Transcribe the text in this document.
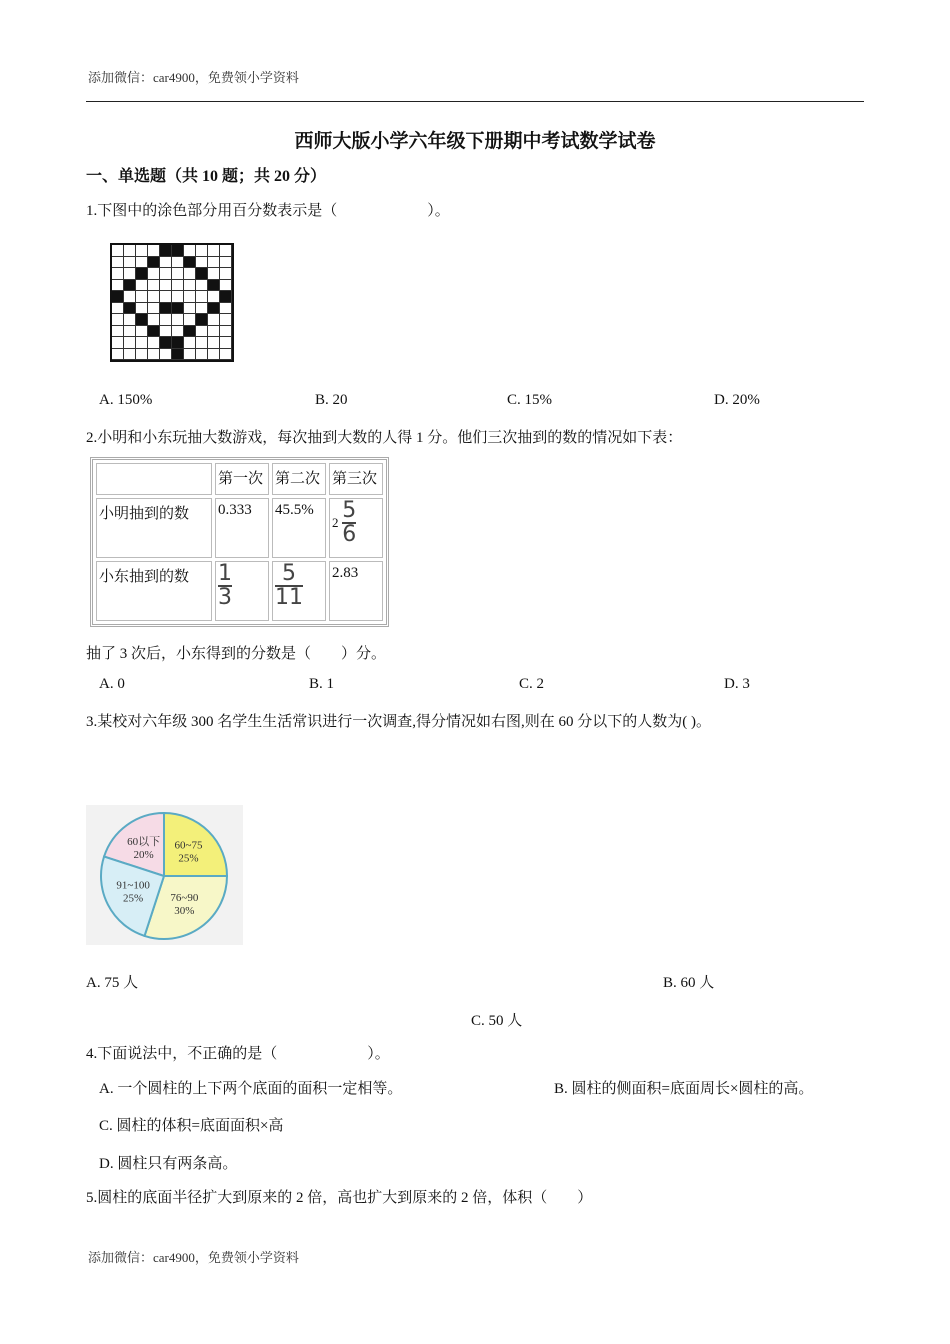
添加微信：car4900，免费领小学资料
西师大版小学六年级下册期中考试数学试卷
一、单选题（共 10 题；共 20 分）
1.下图中的涂色部分用百分数表示是（　　　　　　）。
A. 150%	B. 20	C. 15%	D. 20%
2.小明和小东玩抽大数游戏，每次抽到大数的人得 1 分。他们三次抽到的数的情况如下表：
	第一次	第二次	第三次
小明抽到的数	0.333	45.5%	$2 \frac{5}{6}$

小东抽到的数	$\frac{1}{3}$	$\frac{5}{11}$	2.83
抽了 3 次后，小东得到的分数是（　　）分。
A. 0	B. 1	C. 2	D. 3
3.某校对六年级 300 名学生生活常识进行一次调查,得分情况如右图,则在 60 分以下的人数为( )。
60以下
20%
60~75
25%
76~90
30%
91~100
25%
A. 75 人	B. 60 人
C. 50 人
4.下面说法中，不正确的是（　　　　　　）。
A. 一个圆柱的上下两个底面的面积一定相等。	B. 圆柱的侧面积=底面周长×圆柱的高。
C. 圆柱的体积=底面面积×高
D. 圆柱只有两条高。
5.圆柱的底面半径扩大到原来的 2 倍，高也扩大到原来的 2 倍，体积（　　）
添加微信：car4900，免费领小学资料
